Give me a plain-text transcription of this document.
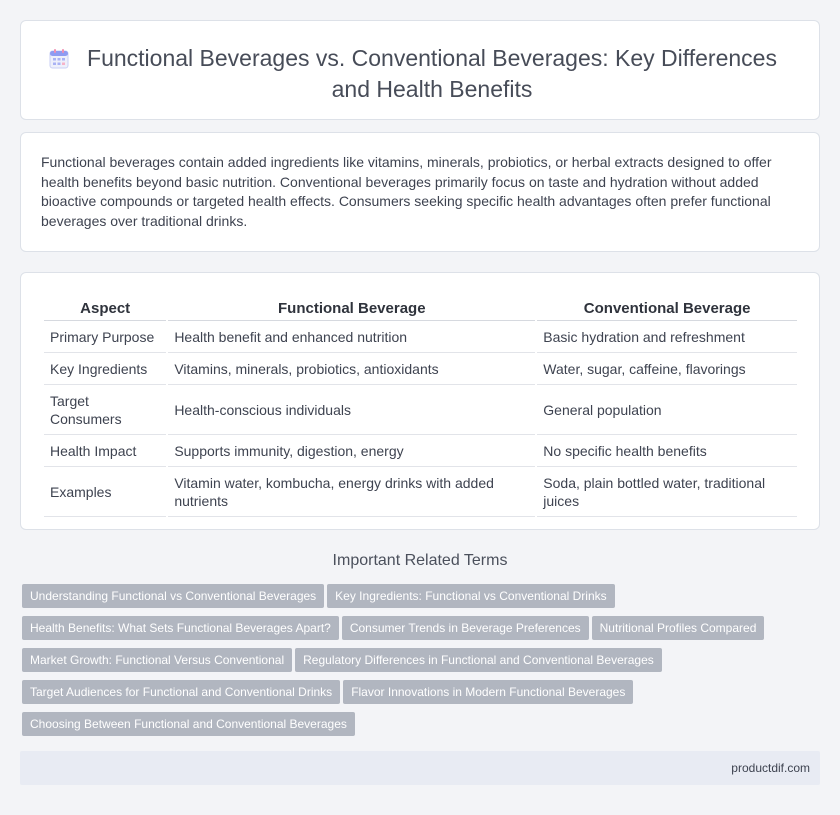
Functional Beverages vs. Conventional Beverages: Key Differences and Health Benefits

Functional beverages contain added ingredients like vitamins, minerals, probiotics, or herbal extracts designed to offer health benefits beyond basic nutrition. Conventional beverages primarily focus on taste and hydration without added bioactive compounds or targeted health effects. Consumers seeking specific health advantages often prefer functional beverages over traditional drinks.

Aspect	Functional Beverage	Conventional Beverage
Primary Purpose	Health benefit and enhanced nutrition	Basic hydration and refreshment
Key Ingredients	Vitamins, minerals, probiotics, antioxidants	Water, sugar, caffeine, flavorings
Target Consumers	Health-conscious individuals	General population
Health Impact	Supports immunity, digestion, energy	No specific health benefits
Examples	Vitamin water, kombucha, energy drinks with added nutrients	Soda, plain bottled water, traditional juices
Important Related Terms
Understanding Functional vs Conventional Beverages Key Ingredients: Functional vs Conventional Drinks
Health Benefits: What Sets Functional Beverages Apart? Consumer Trends in Beverage Preferences Nutritional Profiles Compared
Market Growth: Functional Versus Conventional Regulatory Differences in Functional and Conventional Beverages
Target Audiences for Functional and Conventional Drinks Flavor Innovations in Modern Functional Beverages
Choosing Between Functional and Conventional Beverages
productdif.com
